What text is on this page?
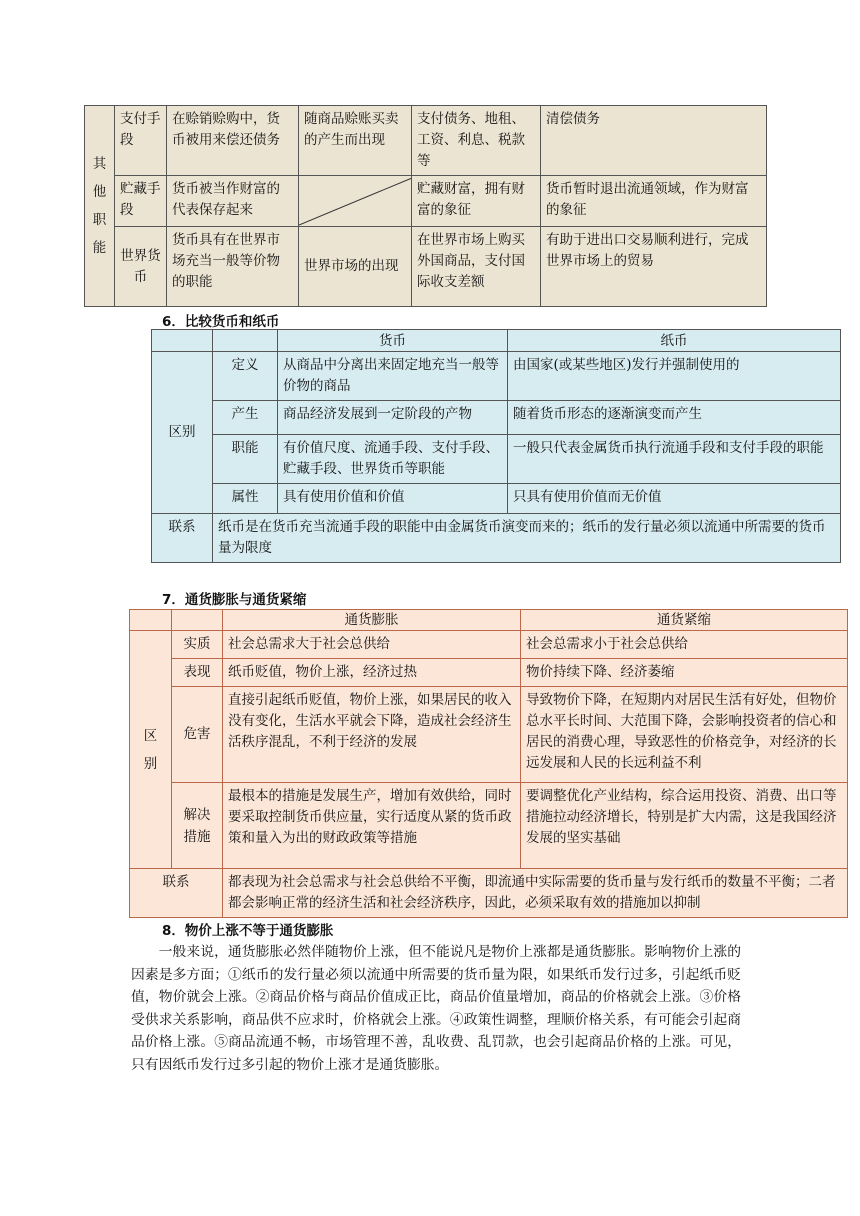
其
他
职
能	支付手段	在赊销赊购中，货币被用来偿还债务	随商品赊账买卖的产生而出现	支付债务、地租、工资、利息、税款等	清偿债务
	贮藏手段	货币被当作财富的代表保存起来		贮藏财富，拥有财富的象征	货币暂时退出流通领域，作为财富的象征
	世界货币	货币具有在世界市场充当一般等价物的职能	世界市场的出现	在世界市场上购买外国商品，支付国际收支差额	有助于进出口交易顺利进行，完成世界市场上的贸易
6．比较货币和纸币
		货币	纸币
区别	定义	从商品中分离出来固定地充当一般等价物的商品	由国家(或某些地区)发行并强制使用的
	产生	商品经济发展到一定阶段的产物	随着货币形态的逐渐演变而产生
	职能	有价值尺度、流通手段、支付手段、贮藏手段、世界货币等职能	一般只代表金属货币执行流通手段和支付手段的职能
	属性	具有使用价值和价值	只具有使用价值而无价值
联系	纸币是在货币充当流通手段的职能中由金属货币演变而来的；纸币的发行量必须以流通中所需要的货币量为限度		
7．通货膨胀与通货紧缩
		通货膨胀	通货紧缩
区
别	实质	社会总需求大于社会总供给	社会总需求小于社会总供给
	表现	纸币贬值，物价上涨，经济过热	物价持续下降、经济萎缩
	危害	直接引起纸币贬值，物价上涨，如果居民的收入没有变化，生活水平就会下降，造成社会经济生活秩序混乱，不利于经济的发展	导致物价下降，在短期内对居民生活有好处，但物价总水平长时间、大范围下降，会影响投资者的信心和居民的消费心理，导致恶性的价格竞争，对经济的长远发展和人民的长远利益不利
	解决措施	最根本的措施是发展生产，增加有效供给，同时要采取控制货币供应量，实行适度从紧的货币政策和量入为出的财政政策等措施	要调整优化产业结构，综合运用投资、消费、出口等措施拉动经济增长，特别是扩大内需，这是我国经济发展的坚实基础
联系		都表现为社会总需求与社会总供给不平衡，即流通中实际需要的货币量与发行纸币的数量不平衡；二者都会影响正常的经济生活和社会经济秩序，因此，必须采取有效的措施加以抑制	
8．物价上涨不等于通货膨胀

一般来说，通货膨胀必然伴随物价上涨，但不能说凡是物价上涨都是通货膨胀。影响物价上涨的因素是多方面；①纸币的发行量必须以流通中所需要的货币量为限，如果纸币发行过多，引起纸币贬值，物价就会上涨。②商品价格与商品价值成正比，商品价值量增加，商品的价格就会上涨。③价格受供求关系影响，商品供不应求时，价格就会上涨。④政策性调整，理顺价格关系，有可能会引起商品价格上涨。⑤商品流通不畅，市场管理不善，乱收费、乱罚款，也会引起商品价格的上涨。可见，只有因纸币发行过多引起的物价上涨才是通货膨胀。
